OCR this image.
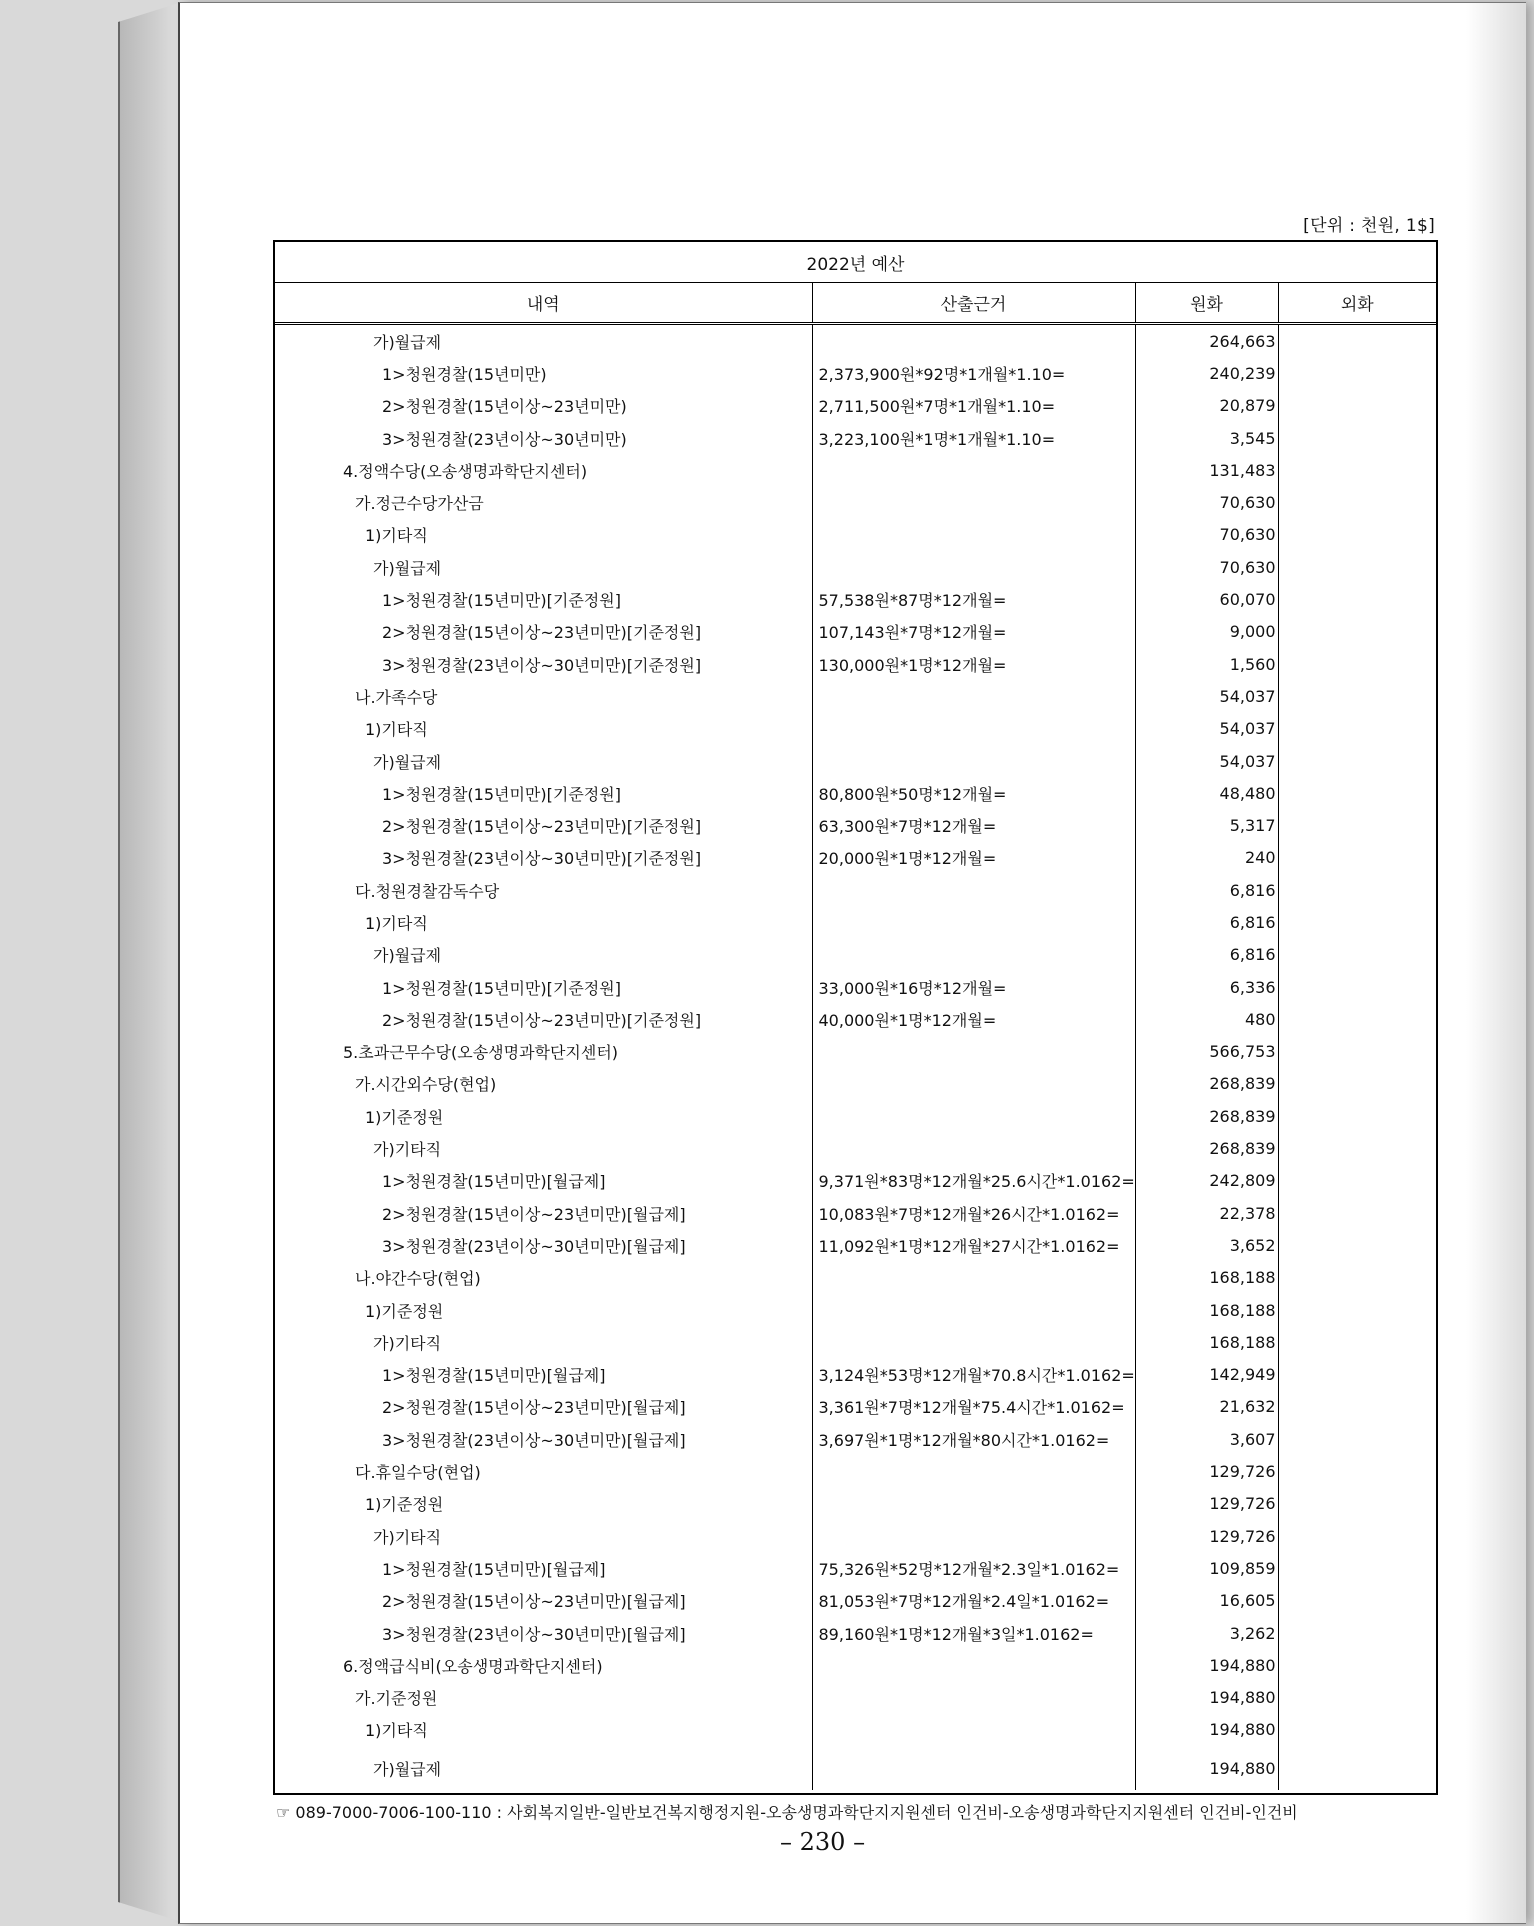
[단위 : 천원, 1$]
2022년 예산			
내역	산출근거	원화	외화
가)월급제		264,663	
1>청원경찰(15년미만)	2,373,900원*92명*1개월*1.10=	240,239	
2>청원경찰(15년이상~23년미만)	2,711,500원*7명*1개월*1.10=	20,879	
3>청원경찰(23년이상~30년미만)	3,223,100원*1명*1개월*1.10=	3,545	
4.정액수당(오송생명과학단지센터)		131,483	
가.정근수당가산금		70,630	
1)기타직		70,630	
가)월급제		70,630	
1>청원경찰(15년미만)[기준정원]	57,538원*87명*12개월=	60,070	
2>청원경찰(15년이상~23년미만)[기준정원]	107,143원*7명*12개월=	9,000	
3>청원경찰(23년이상~30년미만)[기준정원]	130,000원*1명*12개월=	1,560	
나.가족수당		54,037	
1)기타직		54,037	
가)월급제		54,037	
1>청원경찰(15년미만)[기준정원]	80,800원*50명*12개월=	48,480	
2>청원경찰(15년이상~23년미만)[기준정원]	63,300원*7명*12개월=	5,317	
3>청원경찰(23년이상~30년미만)[기준정원]	20,000원*1명*12개월=	240	
다.청원경찰감독수당		6,816	
1)기타직		6,816	
가)월급제		6,816	
1>청원경찰(15년미만)[기준정원]	33,000원*16명*12개월=	6,336	
2>청원경찰(15년이상~23년미만)[기준정원]	40,000원*1명*12개월=	480	
5.초과근무수당(오송생명과학단지센터)		566,753	
가.시간외수당(현업)		268,839	
1)기준정원		268,839	
가)기타직		268,839	
1>청원경찰(15년미만)[월급제]	9,371원*83명*12개월*25.6시간*1.0162=	242,809	
2>청원경찰(15년이상~23년미만)[월급제]	10,083원*7명*12개월*26시간*1.0162=	22,378	
3>청원경찰(23년이상~30년미만)[월급제]	11,092원*1명*12개월*27시간*1.0162=	3,652	
나.야간수당(현업)		168,188	
1)기준정원		168,188	
가)기타직		168,188	
1>청원경찰(15년미만)[월급제]	3,124원*53명*12개월*70.8시간*1.0162=	142,949	
2>청원경찰(15년이상~23년미만)[월급제]	3,361원*7명*12개월*75.4시간*1.0162=	21,632	
3>청원경찰(23년이상~30년미만)[월급제]	3,697원*1명*12개월*80시간*1.0162=	3,607	
다.휴일수당(현업)		129,726	
1)기준정원		129,726	
가)기타직		129,726	
1>청원경찰(15년미만)[월급제]	75,326원*52명*12개월*2.3일*1.0162=	109,859	
2>청원경찰(15년이상~23년미만)[월급제]	81,053원*7명*12개월*2.4일*1.0162=	16,605	
3>청원경찰(23년이상~30년미만)[월급제]	89,160원*1명*12개월*3일*1.0162=	3,262	
6.정액급식비(오송생명과학단지센터)		194,880	
가.기준정원		194,880	
1)기타직		194,880	
가)월급제		194,880	
☞ 089-7000-7006-100-110 : 사회복지일반-일반보건복지행정지원-오송생명과학단지지원센터 인건비-오송생명과학단지지원센터 인건비-인건비
– 230 –
